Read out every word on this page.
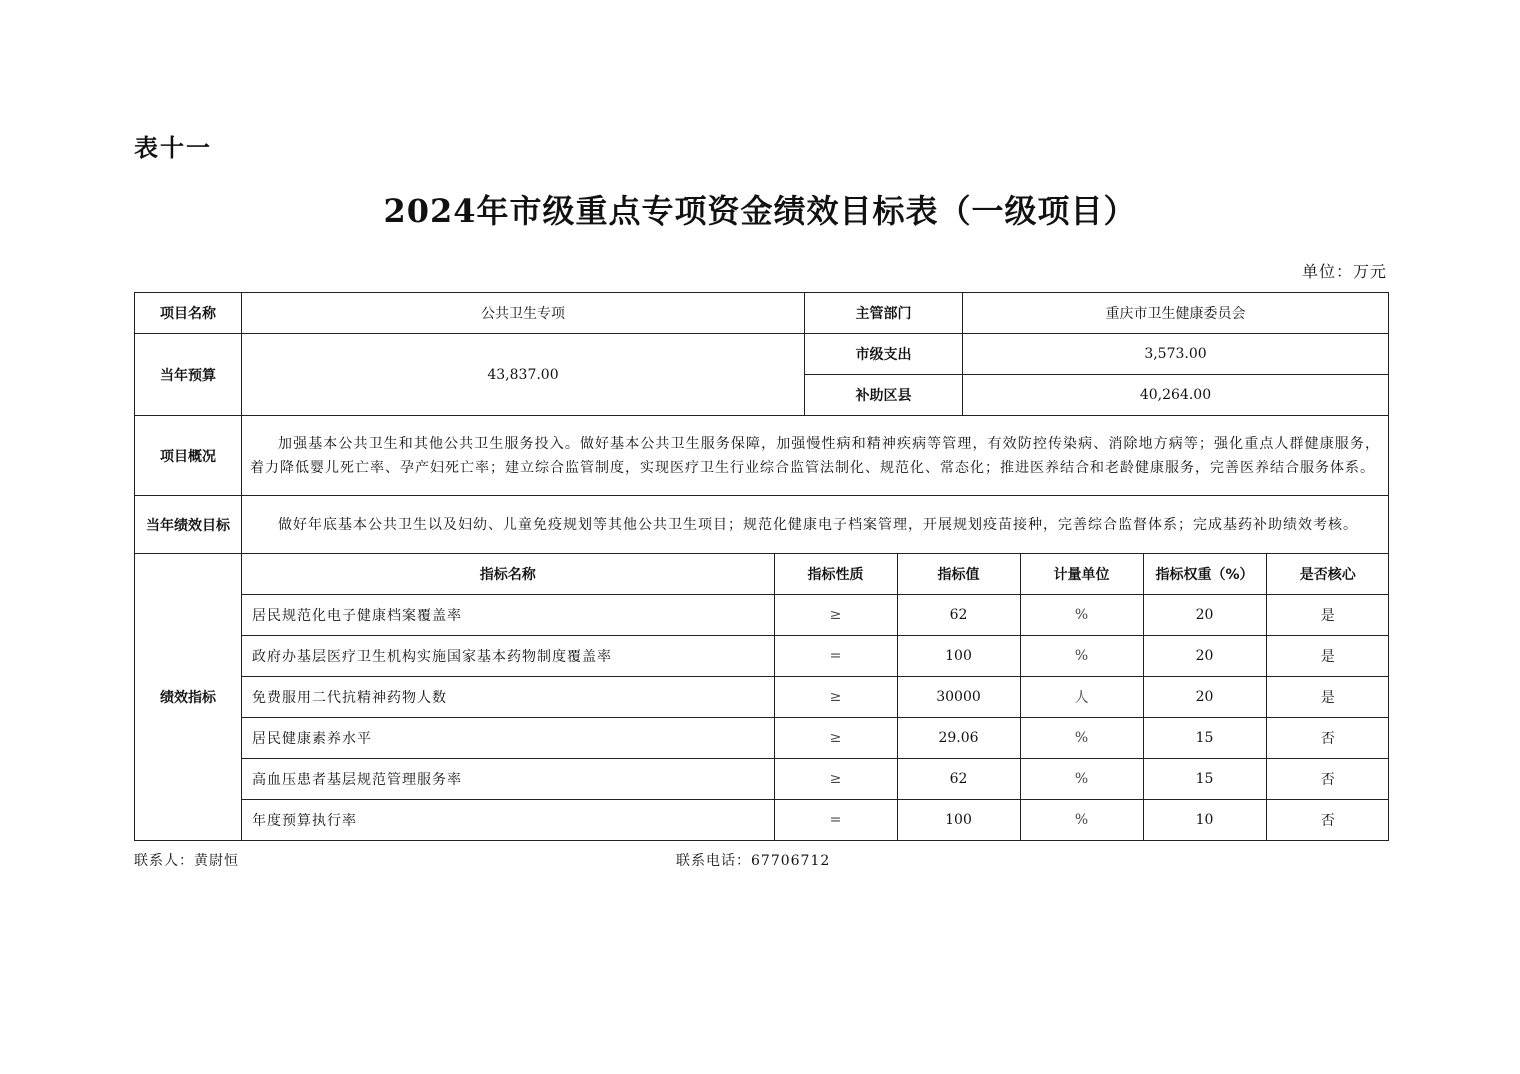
表十一
2024年市级重点专项资金绩效目标表（一级项目）
单位：万元
项目名称	公共卫生专项	主管部门	重庆市卫生健康委员会
当年预算	43,837.00	市级支出	3,573.00
补助区县	40,264.00
项目概况	加强基本公共卫生和其他公共卫生服务投入。做好基本公共卫生服务保障，加强慢性病和精神疾病等管理，有效防控传染病、消除地方病等；强化重点人群健康服务，着力降低婴儿死亡率、孕产妇死亡率；建立综合监管制度，实现医疗卫生行业综合监管法制化、规范化、常态化；推进医养结合和老龄健康服务，完善医养结合服务体系。
当年绩效目标	做好年底基本公共卫生以及妇幼、儿童免疫规划等其他公共卫生项目；规范化健康电子档案管理，开展规划疫苗接种，完善综合监督体系；完成基药补助绩效考核。
绩效指标	
指标名称	指标性质	指标值	计量单位	指标权重（%）	是否核心
居民规范化电子健康档案覆盖率	≥	62	%	20	是
政府办基层医疗卫生机构实施国家基本药物制度覆盖率	=	100	%	20	是
免费服用二代抗精神药物人数	≥	30000	人	20	是
居民健康素养水平	≥	29.06	%	15	否
高血压患者基层规范管理服务率	≥	62	%	15	否
年度预算执行率	=	100	%	10	否
联系人：黄尉恒	联系电话：67706712
